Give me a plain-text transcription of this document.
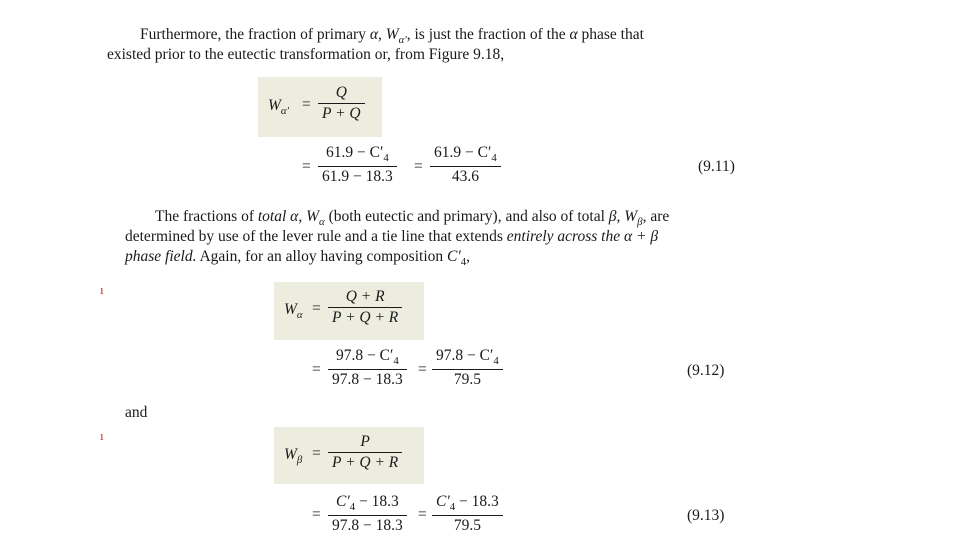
Furthermore, the fraction of primary α, $W_{\alpha'}$, is just the fraction of the α phase that
existed prior to the eutectic transformation or, from Figure 9.18,
$W_{\alpha'}$ =
Q
P + Q
=
$61.9 - C'_4$
61.9 − 18.3
=
$61.9 - C'_4$
43.6
(9.11)
The fractions of total α, $W_\alpha$ (both eutectic and primary), and also of total β, $W_\beta$, are
determined by use of the lever rule and a tie line that extends entirely across the α + β
phase field. Again, for an alloy having composition $C'_4$,
ı
$W_\alpha$ =
Q + R
P + Q + R
=
$97.8 - C'_4$
97.8 − 18.3
=
$97.8 - C'_4$
79.5
(9.12)
and
ı
$W_\beta$ =
P
P + Q + R
=
$C'_4 - 18.3$
97.8 − 18.3
=
$C'_4 - 18.3$
79.5
(9.13)
